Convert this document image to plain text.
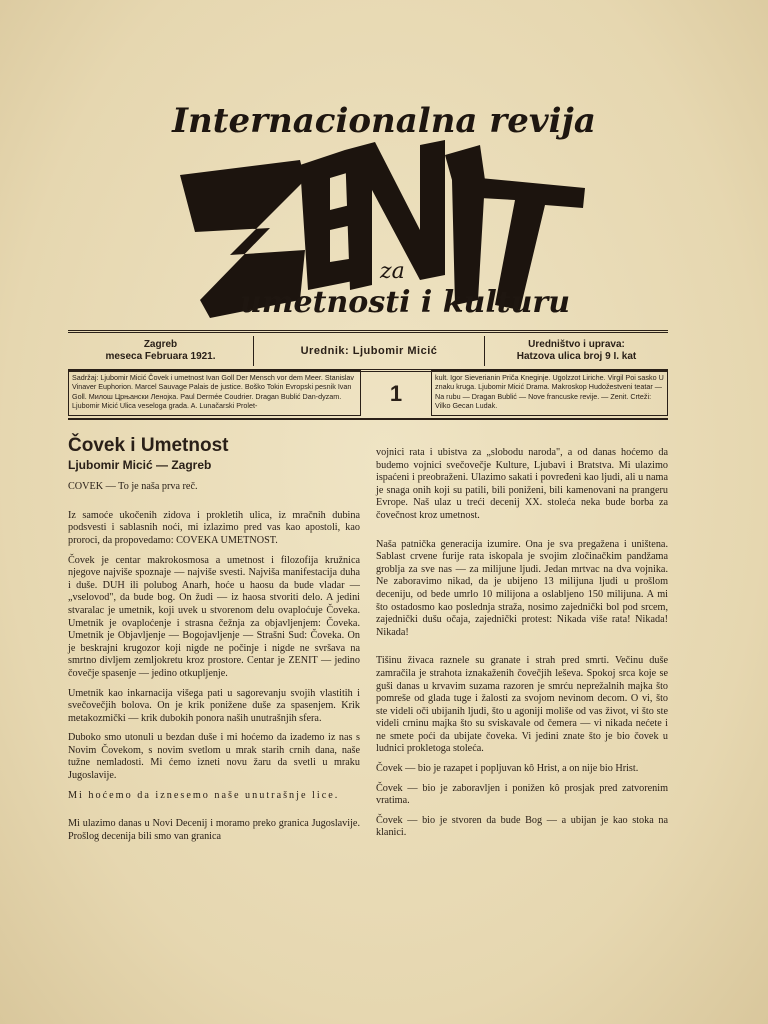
Internacionalna revija
za
umetnosti i kulturu
Zagreb
meseca Februara 1921.	Urednik: Ljubomir Micić
Uredništvo i uprava:
Hatzova ulica broj 9 I. kat
Sadržaj: Ljubomir Micić Čovek i umetnost Ivan Goll Der Mensch vor dem Meer. Stanislav Vinaver Euphorion. Marcel Sauvage Palais de justice. Boško Tokin Evropski pesnik Ivan Goll. Милош Црњански Ленојка. Paul Dermée Coudrier. Dragan Bublić Dan-dyzam. Ljubomir Micić Ulica veseloga grada. A. Lunačarski Prolet-	1
kult. Igor Sieverianin Priča Kneginje. Ugolzzot Liriche. Virgil Poi sasko U znaku kruga. Ljubomir Micić Drama. Makroskop Hudožestveni teatar — Na rubu — Dragan Bublić — Nove francuske revije. — Zenit. Crteži: Vilko Gecan Ludak.
Čovek i Umetnost
Ljubomir Micić — Zagreb

COVEK — To je naša prva reč.

Iz samoće ukočenih zidova i prokletih ulica, iz mračnih dubina podsvesti i sablasnih noći, mi izlazimo pred vas kao apostoli, kao proroci, da propovedamo: COVEKA UMETNOST.

Čovek je centar makrokosmosa a umetnost i filozofija kružnica njegove najviše spoznaje — najviše svesti. Najviša manifestacija duha i duše. DUH ili polubog Anarh, hoće u haosu da bude vladar — „vselovod", da bude bog. On žudi — iz haosa stvoriti delo. A jedini stvaralac je umetnik, koji uvek u stvorenom delu ovaploćuje Čoveka. Umetnik je ovaploćenje i strasna čežnja za objavljenjem: Čoveka. Umetnik je Objavljenje — Bogojavljenje — Strašni Sud: Čoveka. On je beskrajni krugozor koji nigde ne počinje i nigde ne svršava na smrtno divljem zemljokretu kroz prostore. Centar je ZENIT — jedino čovečje spasenje — jedino otkupljenje.

Umetnik kao inkarnacija višega pati u sagorevanju svojih vlastitih i svečovečjih bolova. On je krik ponižene duše za spasenjem. Krik metakozmički — krik dubokih ponora naših unutrašnjih sfera.

Duboko smo utonuli u bezdan duše i mi hoćemo da izademo iz nas s Novim Čovekom, s novim svetlom u mrak starih crnih dana, naše tužne nemladosti. Mi ćemo izneti novu žaru da svetli u mraku Jugoslavije.

Mi hoćemo da iznesemo naše unutrašnje lice.

Mi ulazimo danas u Novi Decenij i moramo preko granica Jugoslavije. Prošlog decenija bili smo van granica

vojnici rata i ubistva za „slobodu naroda", a od danas hoćemo da budemo vojnici svečovečje Kulture, Ljubavi i Bratstva. Mi ulazimo ispaćeni i preobraženi. Ulazimo sakati i povređeni kao ljudi, ali u nama je snaga onih koji su patili, bili poniženi, bili kamenovani na prangeru Evrope. Naš ulaz u treći decenij XX. stoleća neka bude borba za čovečnost kroz umetnost.

Naša patnička generacija izumire. Ona je sva pregažena i uništena. Sablast crvene furije rata iskopala je svojim zločinačkim pandžama groblja za sve nas — za milijune ljudi. Jedan mrtvac na dva vojnika. Ne zaboravimo nikad, da je ubijeno 13 milijuna ljudi u prošlom deceniju, od bede umrlo 10 milijona a oslabljeno 150 milijuna. A mi što ostadosmo kao poslednja straža, nosimo zajednički bol pod srcem, zajednički dušu očaja, zajednički protest: Nikada više rata! Nikada! Nikada!

Tišinu živaca raznele su granate i strah pred smrti. Večinu duše zamračila je strahota iznakaženih čovečjih leševa. Spokoj srca koje se guši danas u krvavim suzama razoren je smrću neprežalnih majka što pomreše od glada tuge i žalosti za svojom nevinom decom. O vi, što ste videli oči ubijanih ljudi, što u agoniji moliše od vas život, vi što ste videli crninu majka što su sviskavale od čemera — vi nikada nećete i ne smete poći da ubijate čoveka. Vi jedini znate što je bio čovek u ludnici prokletoga stoleća.

Čovek — bio je razapet i popljuvan kô Hrist, a on nije bio Hrist.

Čovek — bio je zaboravljen i ponižen kô prosjak pred zatvorenim vratima.

Čovek — bio je stvoren da bude Bog — a ubijan je kao stoka na klanici.
